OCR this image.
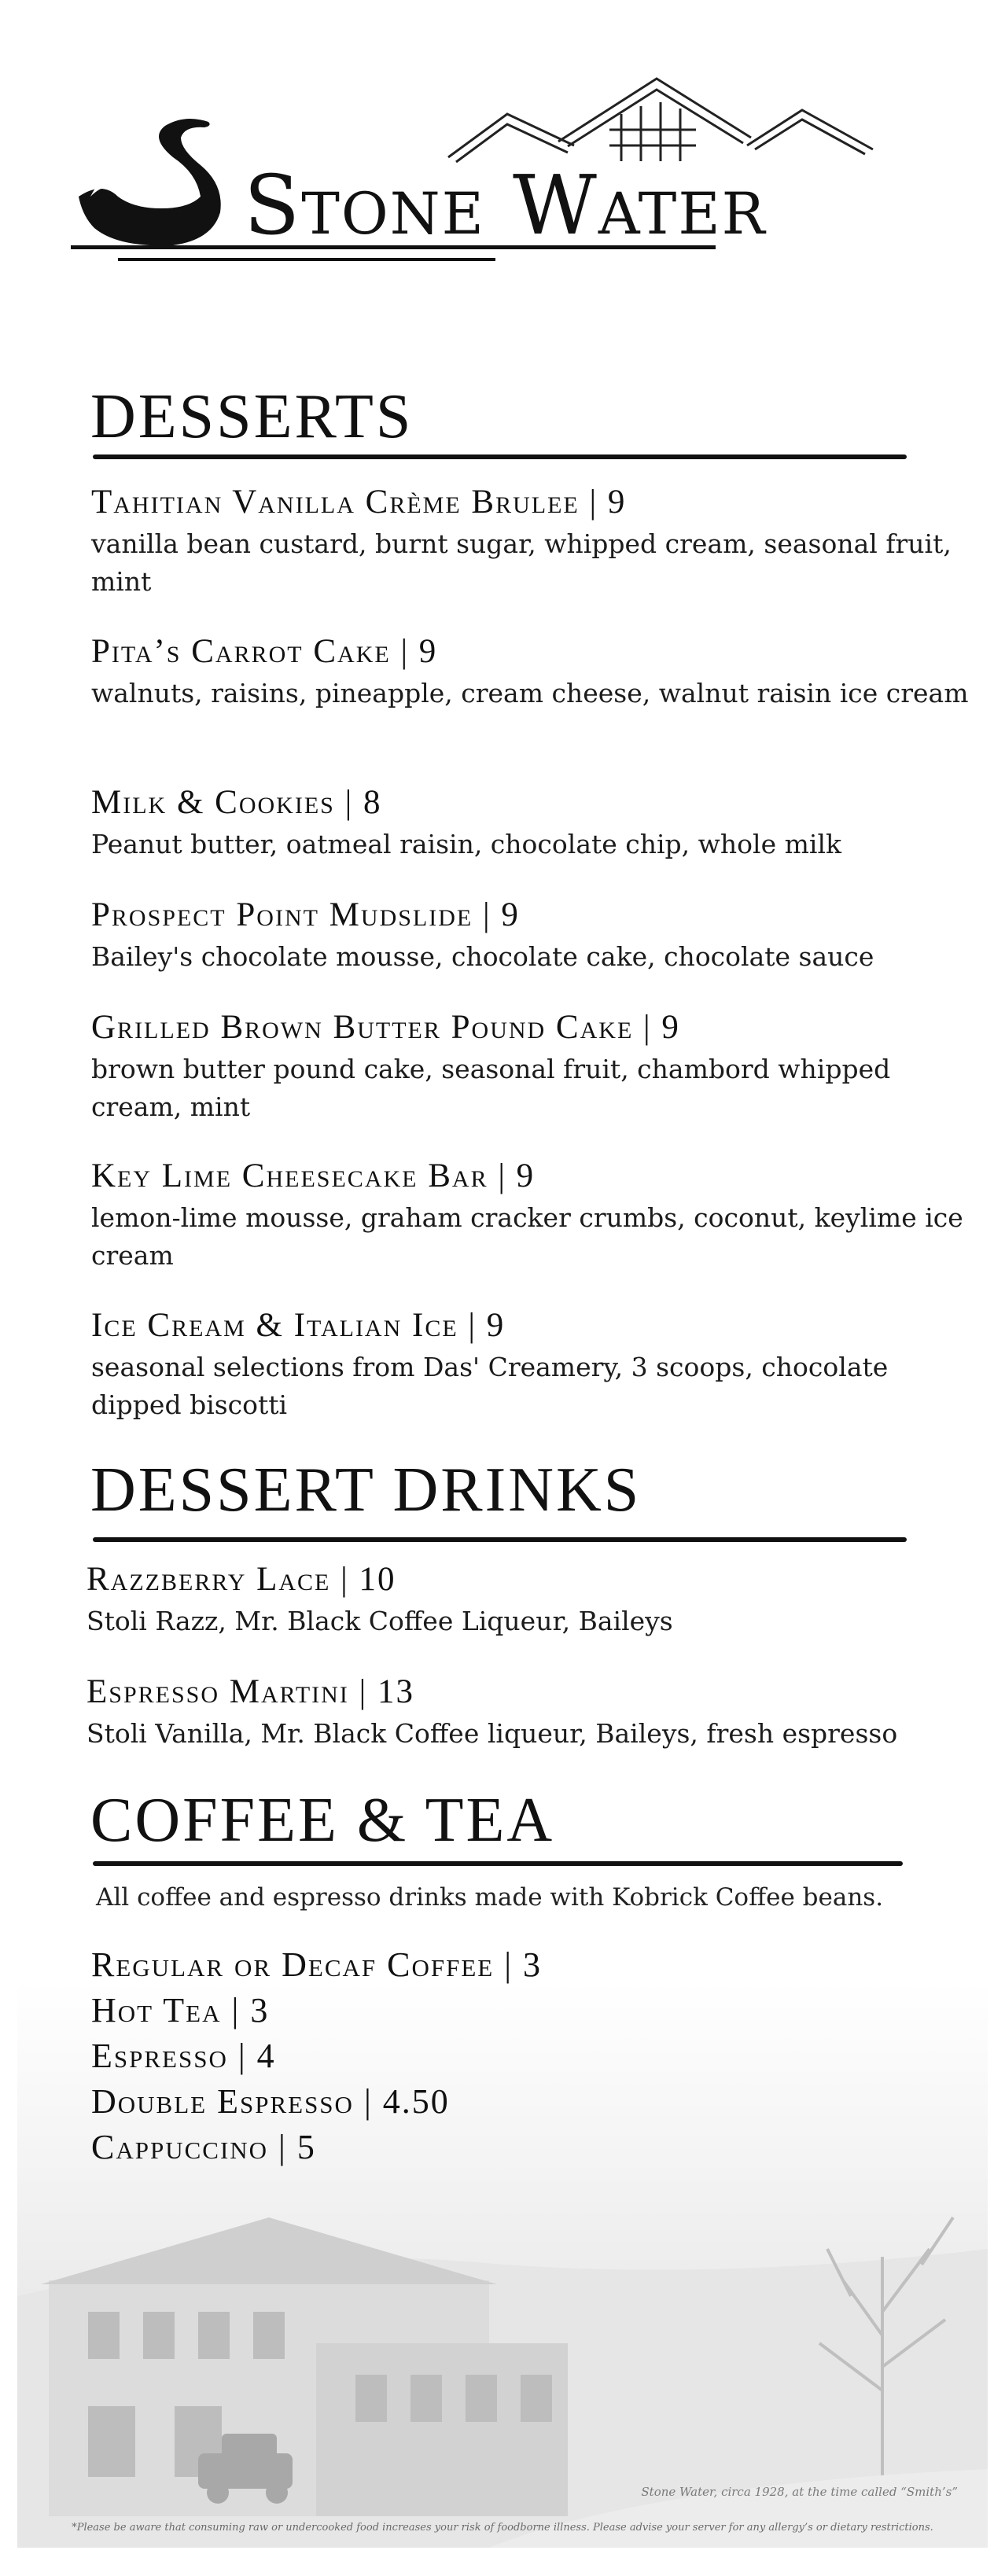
Stone Water
DESSERTS
Tahitian Vanilla Crème Brulee | 9
vanilla bean custard, burnt sugar, whipped cream, seasonal fruit, mint
Pita’s Carrot Cake | 9
walnuts, raisins, pineapple, cream cheese, walnut raisin ice cream
Milk & Cookies | 8
Peanut butter, oatmeal raisin, chocolate chip, whole milk
Prospect Point Mudslide | 9
Bailey's chocolate mousse, chocolate cake, chocolate sauce
Grilled Brown Butter Pound Cake | 9
brown butter pound cake, seasonal fruit, chambord whipped cream, mint
Key Lime Cheesecake Bar | 9
lemon-lime mousse, graham cracker crumbs, coconut, keylime ice cream
Ice Cream & Italian Ice | 9
seasonal selections from Das' Creamery, 3 scoops, chocolate dipped biscotti
DESSERT DRINKS
Razzberry Lace | 10
Stoli Razz, Mr. Black Coffee Liqueur, Baileys
Espresso Martini | 13
Stoli Vanilla, Mr. Black Coffee liqueur, Baileys, fresh espresso
COFFEE & TEA
All coffee and espresso drinks made with Kobrick Coffee beans.
Regular or Decaf Coffee | 3
Hot Tea | 3
Espresso | 4
Double Espresso | 4.50
Cappuccino | 5
Stone Water, circa 1928, at the time called “Smith’s”
*Please be aware that consuming raw or undercooked food increases your risk of foodborne illness. Please advise your server for any allergy’s or dietary restrictions.
